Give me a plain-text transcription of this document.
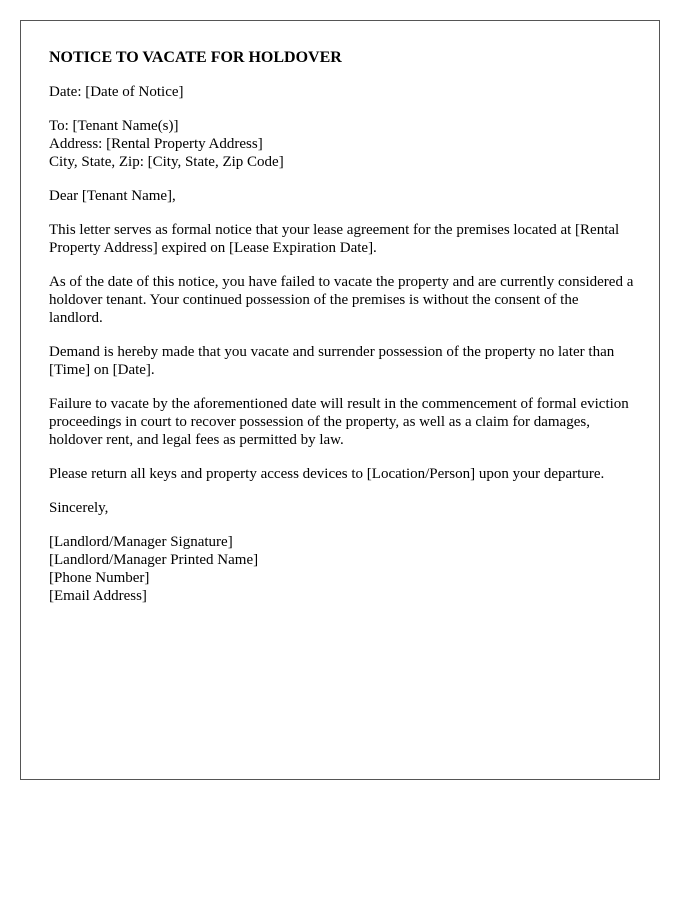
NOTICE TO VACATE FOR HOLDOVER
Date: [Date of Notice]
To: [Tenant Name(s)]
Address: [Rental Property Address]
City, State, Zip: [City, State, Zip Code]
Dear [Tenant Name],
This letter serves as formal notice that your lease agreement for the premises located at [Rental Property Address] expired on [Lease Expiration Date].
As of the date of this notice, you have failed to vacate the property and are currently considered a holdover tenant. Your continued possession of the premises is without the consent of the landlord.
Demand is hereby made that you vacate and surrender possession of the property no later than [Time] on [Date].
Failure to vacate by the aforementioned date will result in the commencement of formal eviction proceedings in court to recover possession of the property, as well as a claim for damages, holdover rent, and legal fees as permitted by law.
Please return all keys and property access devices to [Location/Person] upon your departure.
Sincerely,
[Landlord/Manager Signature]
[Landlord/Manager Printed Name]
[Phone Number]
[Email Address]
